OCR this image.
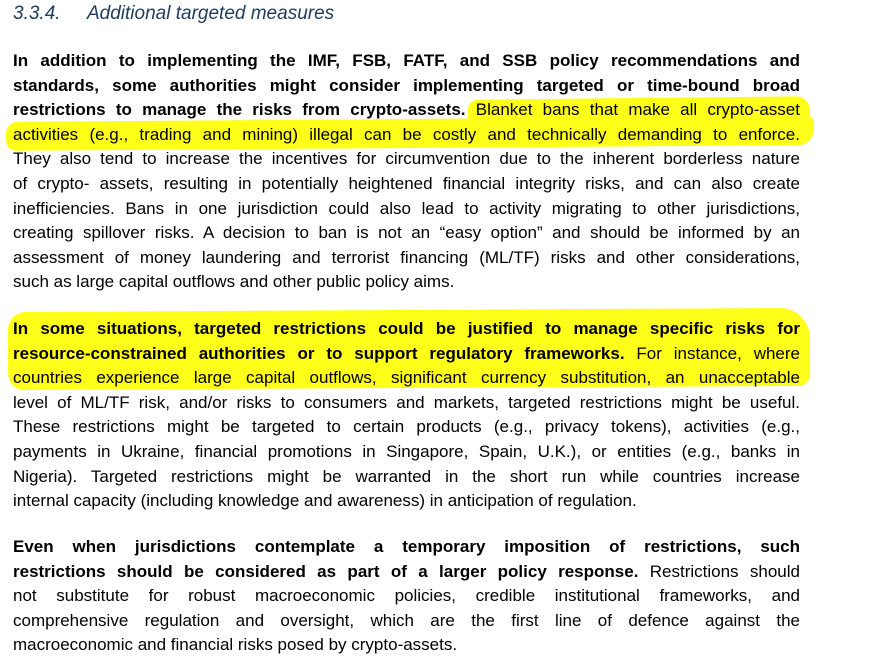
3.3.4. Additional targeted measures
In addition to implementing the IMF, FSB, FATF, and SSB policy recommendations and
standards, some authorities might consider implementing targeted or time-bound broad
restrictions to manage the risks from crypto-assets. Blanket bans that make all crypto-asset
activities (e.g., trading and mining) illegal can be costly and technically demanding to enforce.
They also tend to increase the incentives for circumvention due to the inherent borderless nature
of crypto- assets, resulting in potentially heightened financial integrity risks, and can also create
inefficiencies. Bans in one jurisdiction could also lead to activity migrating to other jurisdictions,
creating spillover risks. A decision to ban is not an “easy option” and should be informed by an
assessment of money laundering and terrorist financing (ML/TF) risks and other considerations,
such as large capital outflows and other public policy aims.
In some situations, targeted restrictions could be justified to manage specific risks for
resource-constrained authorities or to support regulatory frameworks. For instance, where
countries experience large capital outflows, significant currency substitution, an unacceptable
level of ML/TF risk, and/or risks to consumers and markets, targeted restrictions might be useful.
These restrictions might be targeted to certain products (e.g., privacy tokens), activities (e.g.,
payments in Ukraine, financial promotions in Singapore, Spain, U.K.), or entities (e.g., banks in
Nigeria). Targeted restrictions might be warranted in the short run while countries increase
internal capacity (including knowledge and awareness) in anticipation of regulation.
Even when jurisdictions contemplate a temporary imposition of restrictions, such
restrictions should be considered as part of a larger policy response. Restrictions should
not substitute for robust macroeconomic policies, credible institutional frameworks, and
comprehensive regulation and oversight, which are the first line of defence against the
macroeconomic and financial risks posed by crypto-assets.
